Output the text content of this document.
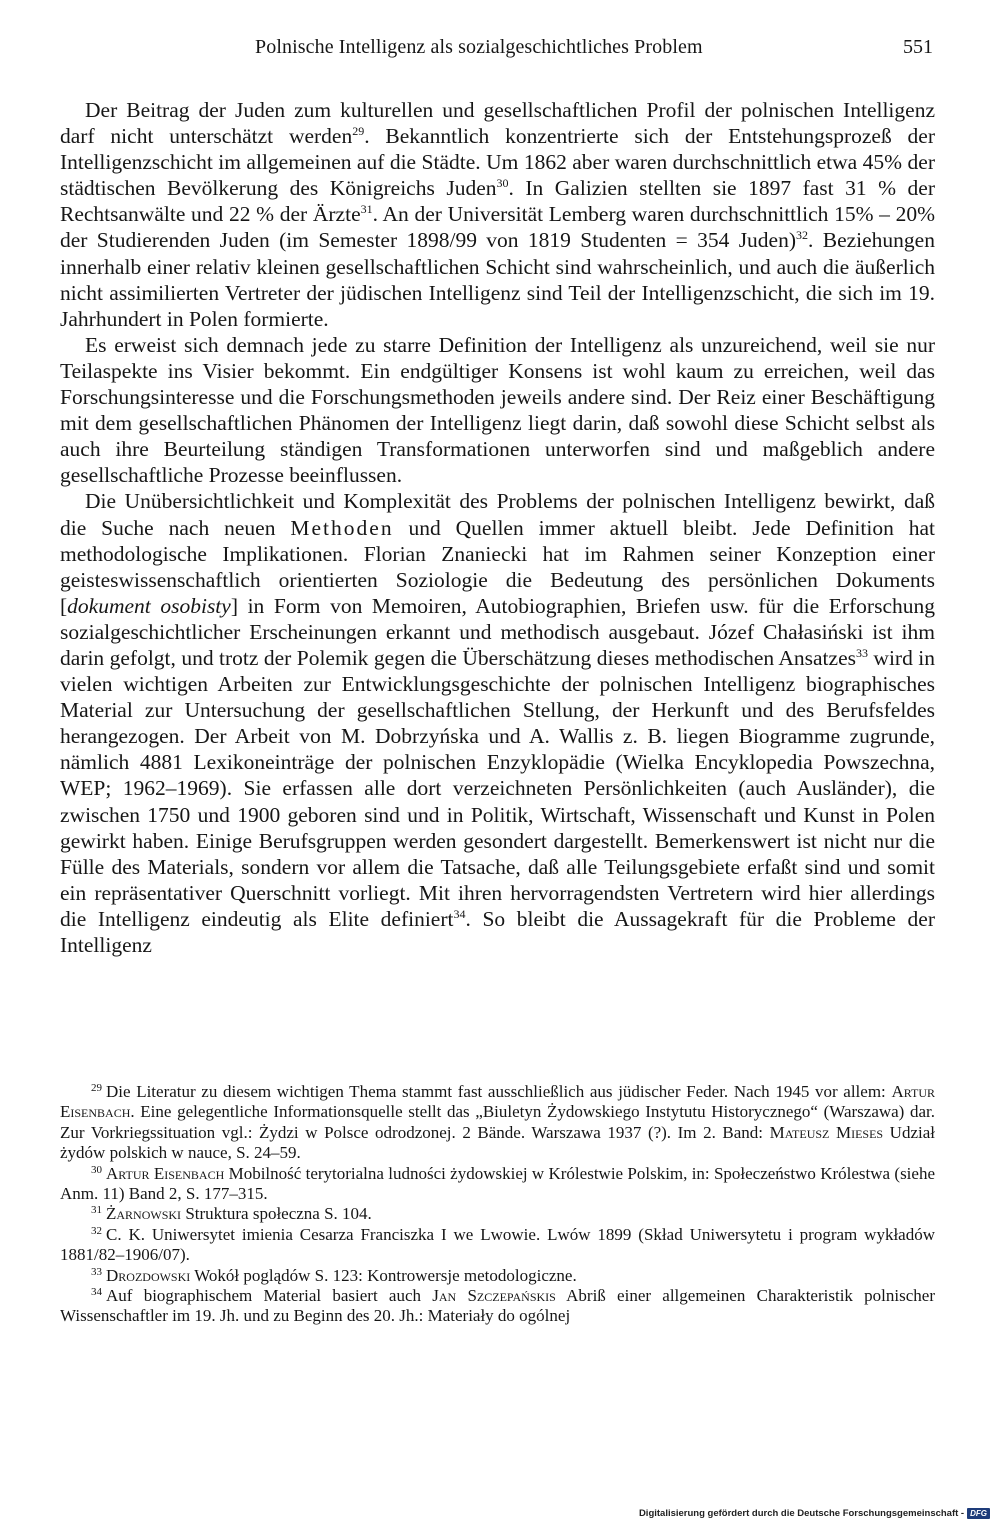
Polnische Intelligenz als sozialgeschichtliches Problem	551

Der Beitrag der Juden zum kulturellen und gesellschaftlichen Profil der polnischen Intelligenz darf nicht unterschätzt werden$^{29}$. Bekanntlich konzentrierte sich der Entstehungsprozeß der Intelligenzschicht im allgemeinen auf die Städte. Um 1862 aber waren durchschnittlich etwa 45% der städtischen Bevölkerung des Königreichs Juden$^{30}$. In Galizien stellten sie 1897 fast 31 % der Rechtsanwälte und 22 % der Ärzte$^{31}$. An der Universität Lemberg waren durchschnittlich 15% – 20% der Studierenden Juden (im Semester 1898/99 von 1819 Studenten = 354 Juden)$^{32}$. Beziehungen innerhalb einer relativ kleinen gesellschaftlichen Schicht sind wahrscheinlich, und auch die äußerlich nicht assimilierten Vertreter der jüdischen Intelligenz sind Teil der Intelligenzschicht, die sich im 19. Jahrhundert in Polen formierte.

Es erweist sich demnach jede zu starre Definition der Intelligenz als unzureichend, weil sie nur Teilaspekte ins Visier bekommt. Ein endgültiger Konsens ist wohl kaum zu erreichen, weil das Forschungsinteresse und die Forschungsmethoden jeweils andere sind. Der Reiz einer Beschäftigung mit dem gesellschaftlichen Phänomen der Intelligenz liegt darin, daß sowohl diese Schicht selbst als auch ihre Beurteilung ständigen Transformationen unterworfen sind und maßgeblich andere gesellschaftliche Prozesse beeinflussen.

Die Unübersichtlichkeit und Komplexität des Problems der polnischen Intelligenz bewirkt, daß die Suche nach neuen Methoden und Quellen immer aktuell bleibt. Jede Definition hat methodologische Implikationen. Florian Znaniecki hat im Rahmen seiner Konzeption einer geisteswissenschaftlich orientierten Soziologie die Bedeutung des persönlichen Dokuments [dokument osobisty] in Form von Memoiren, Autobiographien, Briefen usw. für die Erforschung sozialgeschichtlicher Erscheinungen erkannt und methodisch ausgebaut. Józef Chałasiński ist ihm darin gefolgt, und trotz der Polemik gegen die Überschätzung dieses methodischen Ansatzes$^{33}$ wird in vielen wichtigen Arbeiten zur Entwicklungsgeschichte der polnischen Intelligenz biographisches Material zur Untersuchung der gesellschaftlichen Stellung, der Herkunft und des Berufsfeldes herangezogen. Der Arbeit von M. Dobrzyńska und A. Wallis z. B. liegen Biogramme zugrunde, nämlich 4881 Lexikoneinträge der polnischen Enzyklopädie (Wielka Encyklopedia Powszechna, WEP; 1962–1969). Sie erfassen alle dort verzeichneten Persönlichkeiten (auch Ausländer), die zwischen 1750 und 1900 geboren sind und in Politik, Wirtschaft, Wissenschaft und Kunst in Polen gewirkt haben. Einige Berufsgruppen werden gesondert dargestellt. Bemerkenswert ist nicht nur die Fülle des Materials, sondern vor allem die Tatsache, daß alle Teilungsgebiete erfaßt sind und somit ein repräsentativer Querschnitt vorliegt. Mit ihren hervorragendsten Vertretern wird hier allerdings die Intelligenz eindeutig als Elite definiert$^{34}$. So bleibt die Aussagekraft für die Probleme der Intelligenz

29 Die Literatur zu diesem wichtigen Thema stammt fast ausschließlich aus jüdischer Feder. Nach 1945 vor allem: Artur Eisenbach. Eine gelegentliche Informationsquelle stellt das „Biuletyn Żydowskiego Instytutu Historycznego“ (Warszawa) dar. Zur Vorkriegssituation vgl.: Żydzi w Polsce odrodzonej. 2 Bände. Warszawa 1937 (?). Im 2. Band: Mateusz Mieses Udział żydów polskich w nauce, S. 24–59.

30 Artur Eisenbach Mobilność terytorialna ludności żydowskiej w Królestwie Polskim, in: Społeczeństwo Królestwa (siehe Anm. 11) Band 2, S. 177–315.

31 Żarnowski Struktura społeczna S. 104.

32 C. K. Uniwersytet imienia Cesarza Franciszka I we Lwowie. Lwów 1899 (Skład Uniwersytetu i program wykładów 1881/82–1906/07).

33 Drozdowski Wokół poglądów S. 123: Kontrowersje metodologiczne.

34 Auf biographischem Material basiert auch Jan Szczepańskis Abriß einer allgemeinen Charakteristik polnischer Wissenschaftler im 19. Jh. und zu Beginn des 20. Jh.: Materiały do ogólnej

Digitalisierung gefördert durch die Deutsche Forschungsgemeinschaft - DFG
